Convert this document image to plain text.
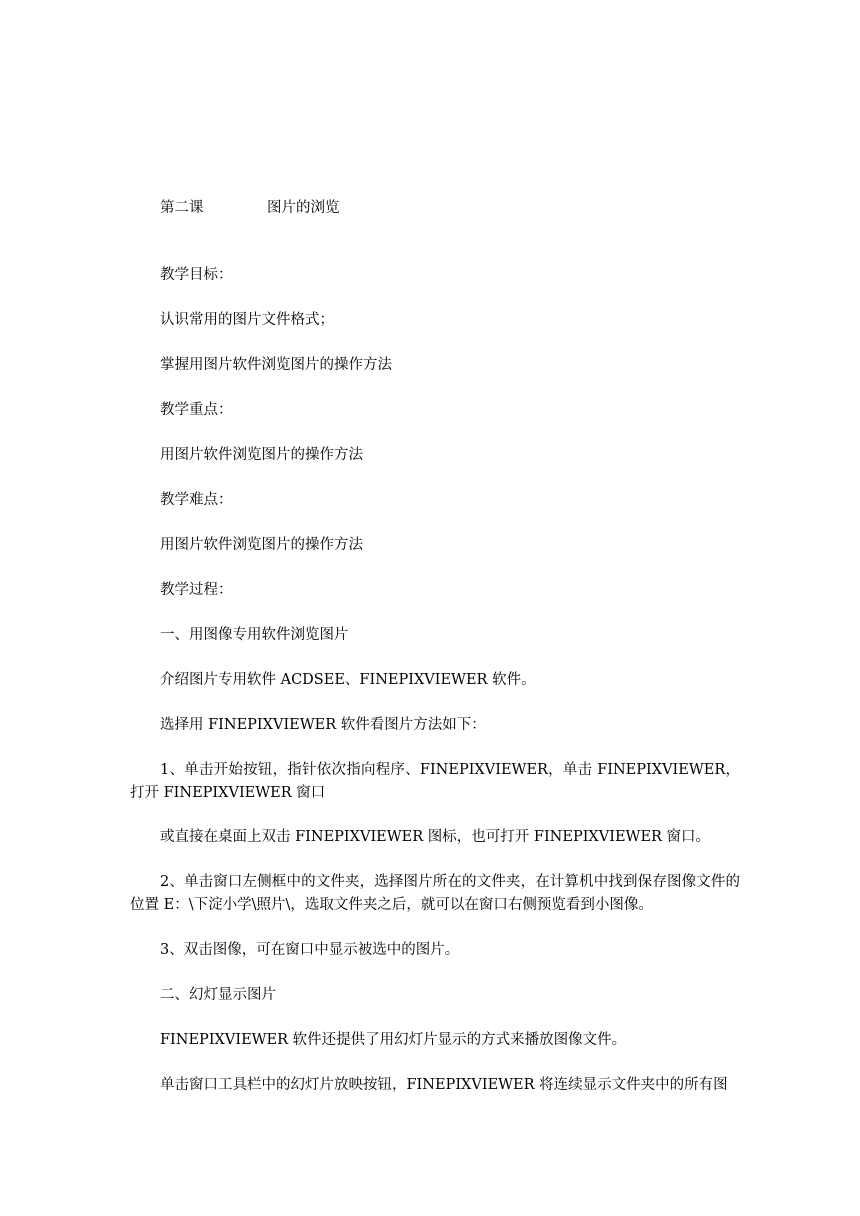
第二课	图片的浏览
教学目标：
认识常用的图片文件格式；
掌握用图片软件浏览图片的操作方法
教学重点：
用图片软件浏览图片的操作方法
教学难点：
用图片软件浏览图片的操作方法
教学过程：
一、用图像专用软件浏览图片
介绍图片专用软件 ACDSEE、FINEPIXVIEWER 软件。
选择用 FINEPIXVIEWER 软件看图片方法如下：
1、单击开始按钮，指针依次指向程序、FINEPIXVIEWER，单击 FINEPIXVIEWER，打开 FINEPIXVIEWER 窗口
或直接在桌面上双击 FINEPIXVIEWER 图标，也可打开 FINEPIXVIEWER 窗口。
2、单击窗口左侧框中的文件夹，选择图片所在的文件夹，在计算机中找到保存图像文件的位置 E：\下淀小学\照片\，选取文件夹之后，就可以在窗口右侧预览看到小图像。
3、双击图像，可在窗口中显示被选中的图片。
二、幻灯显示图片
FINEPIXVIEWER 软件还提供了用幻灯片显示的方式来播放图像文件。
单击窗口工具栏中的幻灯片放映按钮，FINEPIXVIEWER 将连续显示文件夹中的所有图
